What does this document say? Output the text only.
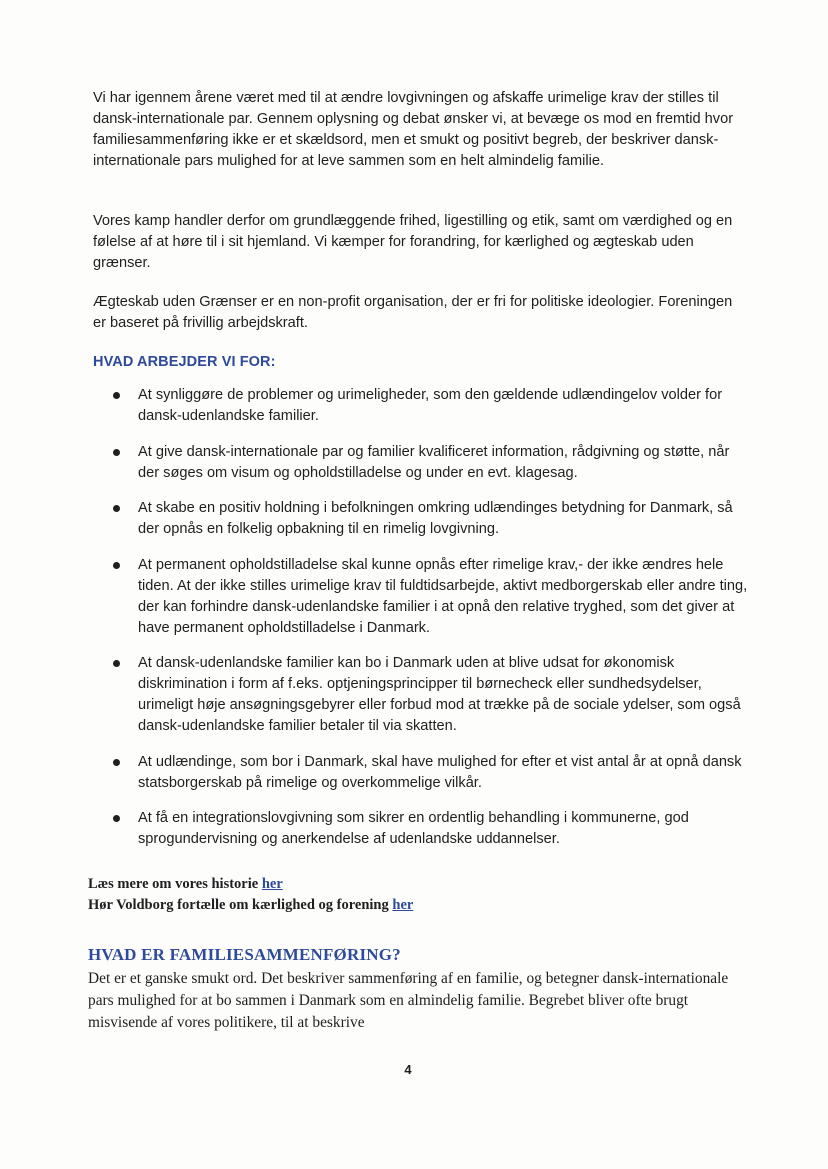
Vi har igennem årene været med til at ændre lovgivningen og afskaffe urimelige krav der stilles til dansk-internationale par. Gennem oplysning og debat ønsker vi, at bevæge os mod en fremtid hvor familiesammenføring ikke er et skældsord, men et smukt og positivt begreb, der beskriver dansk-internationale pars mulighed for at leve sammen som en helt almindelig familie.

Vores kamp handler derfor om grundlæggende frihed, ligestilling og etik, samt om værdighed og en følelse af at høre til i sit hjemland. Vi kæmper for forandring, for kærlighed og ægteskab uden grænser.

Ægteskab uden Grænser er en non-profit organisation, der er fri for politiske ideologier. Foreningen er baseret på frivillig arbejdskraft.

HVAD ARBEJDER VI FOR:
At synliggøre de problemer og urimeligheder, som den gældende udlændingelov volder for dansk-udenlandske familier.
At give dansk-internationale par og familier kvalificeret information, rådgivning og støtte, når der søges om visum og opholdstilladelse og under en evt. klagesag.
At skabe en positiv holdning i befolkningen omkring udlændinges betydning for Danmark, så der opnås en folkelig opbakning til en rimelig lovgivning.
At permanent opholdstilladelse skal kunne opnås efter rimelige krav,- der ikke ændres hele tiden. At der ikke stilles urimelige krav til fuldtidsarbejde, aktivt medborgerskab eller andre ting, der kan forhindre dansk-udenlandske familier i at opnå den relative tryghed, som det giver at have permanent opholdstilladelse i Danmark.
At dansk-udenlandske familier kan bo i Danmark uden at blive udsat for økonomisk diskrimination i form af f.eks. optjeningsprincipper til børnecheck eller sundhedsydelser, urimeligt høje ansøgningsgebyrer eller forbud mod at trække på de sociale ydelser, som også dansk-udenlandske familier betaler til via skatten.
At udlændinge, som bor i Danmark, skal have mulighed for efter et vist antal år at opnå dansk statsborgerskab på rimelige og overkommelige vilkår.
At få en integrationslovgivning som sikrer en ordentlig behandling i kommunerne, god sprogundervisning og anerkendelse af udenlandske uddannelser.
Læs mere om vores historie her
Hør Voldborg fortælle om kærlighed og forening her
HVAD ER FAMILIESAMMENFØRING?

Det er et ganske smukt ord. Det beskriver sammenføring af en familie, og betegner dansk-internationale pars mulighed for at bo sammen i Danmark som en almindelig familie. Begrebet bliver ofte brugt misvisende af vores politikere, til at beskrive

4
